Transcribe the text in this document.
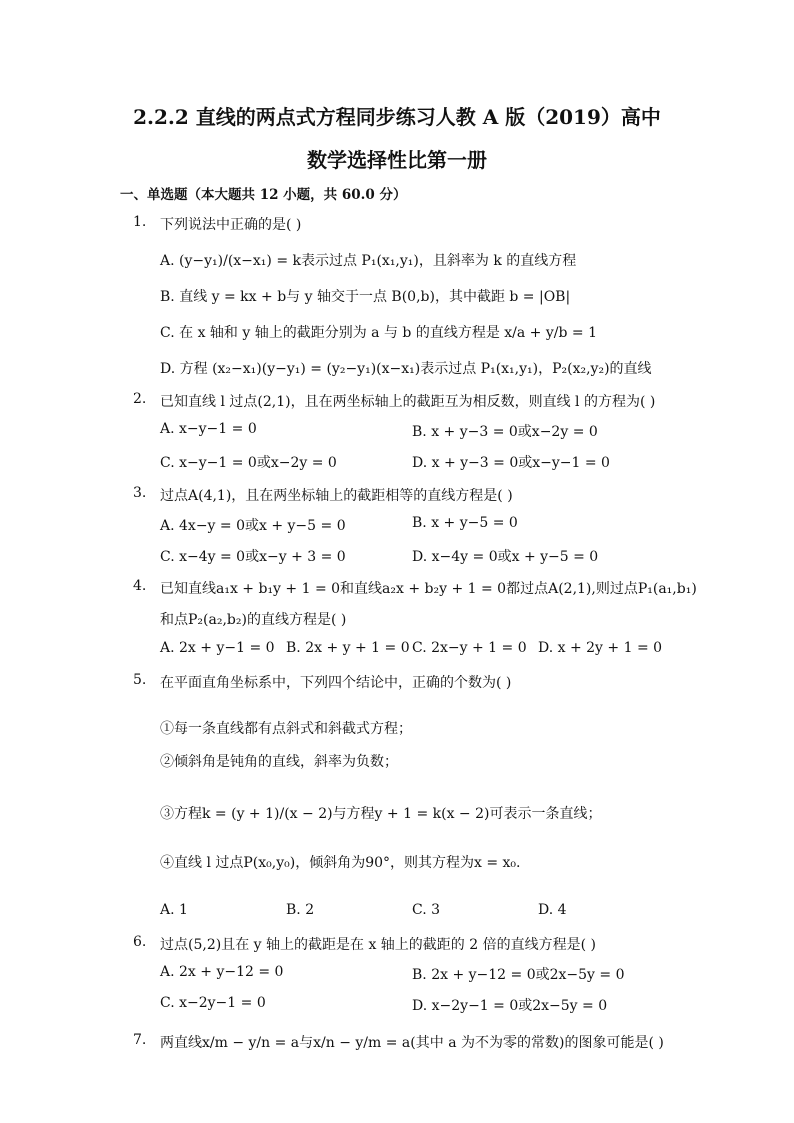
2.2.2 直线的两点式方程同步练习人教 A 版（2019）高中
数学选择性比第一册
一、单选题（本大题共 12 小题，共 60.0 分）
1. 下列说法中正确的是( )
A. (y−y₁)/(x−x₁) = k表示过点 P₁(x₁,y₁)，且斜率为 k 的直线方程
B. 直线 y = kx + b与 y 轴交于一点 B(0,b)，其中截距 b = |OB|
C. 在 x 轴和 y 轴上的截距分别为 a 与 b 的直线方程是 x/a + y/b = 1
D. 方程 (x₂−x₁)(y−y₁) = (y₂−y₁)(x−x₁)表示过点 P₁(x₁,y₁)，P₂(x₂,y₂)的直线
2. 已知直线 l 过点(2,1)，且在两坐标轴上的截距互为相反数，则直线 l 的方程为( )
A. x−y−1 = 0	B. x + y−3 = 0或x−2y = 0
C. x−y−1 = 0或x−2y = 0	D. x + y−3 = 0或x−y−1 = 0
3. 过点A(4,1)，且在两坐标轴上的截距相等的直线方程是( )
A. 4x−y = 0或x + y−5 = 0	B. x + y−5 = 0
C. x−4y = 0或x−y + 3 = 0	D. x−4y = 0或x + y−5 = 0
4. 已知直线a₁x + b₁y + 1 = 0和直线a₂x + b₂y + 1 = 0都过点A(2,1),则过点P₁(a₁,b₁)
和点P₂(a₂,b₂)的直线方程是( )
A. 2x + y−1 = 0 B. 2x + y + 1 = 0 C. 2x−y + 1 = 0 D. x + 2y + 1 = 0
5. 在平面直角坐标系中，下列四个结论中，正确的个数为( )
①每一条直线都有点斜式和斜截式方程；
②倾斜角是钝角的直线，斜率为负数；
③方程k = (y + 1)/(x − 2)与方程y + 1 = k(x − 2)可表示一条直线；
④直线 l 过点P(x₀,y₀)，倾斜角为90°，则其方程为x = x₀.
A. 1	B. 2	C. 3	D. 4
6. 过点(5,2)且在 y 轴上的截距是在 x 轴上的截距的 2 倍的直线方程是( )
A. 2x + y−12 = 0	B. 2x + y−12 = 0或2x−5y = 0
C. x−2y−1 = 0	D. x−2y−1 = 0或2x−5y = 0
7. 两直线x/m − y/n = a与x/n − y/m = a(其中 a 为不为零的常数)的图象可能是( )
